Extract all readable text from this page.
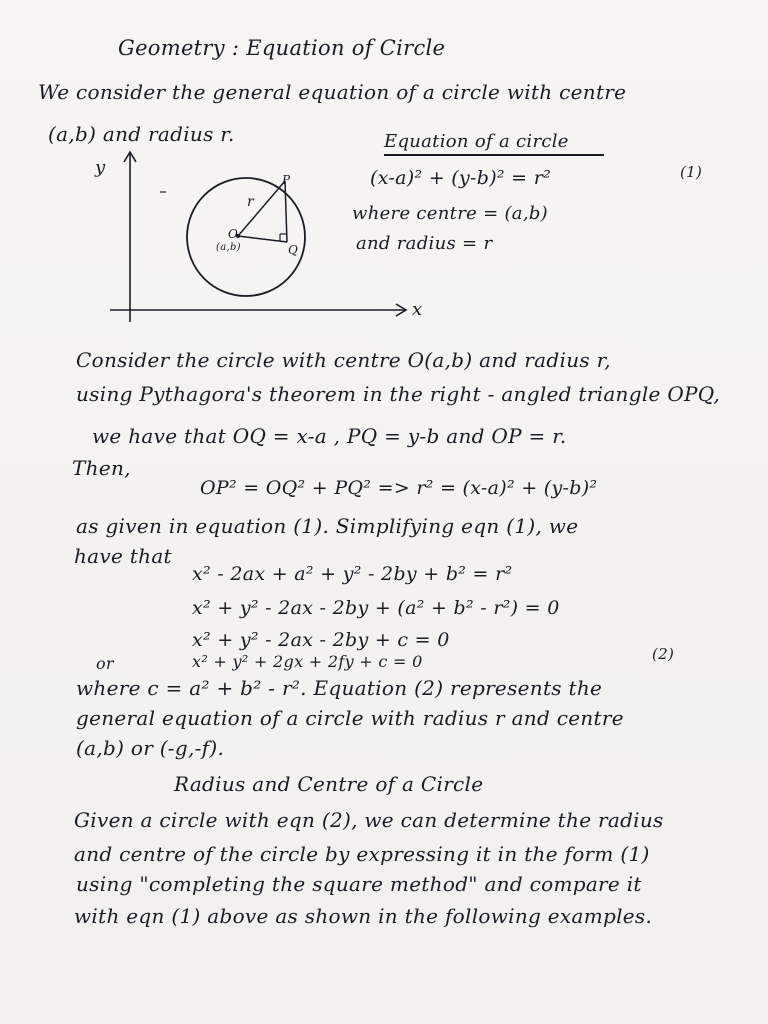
Geometry : Equation of Circle
We consider the general equation of a circle with centre
(a,b) and radius r.
y
x
P
r
O
(a,b)	Q
Equation of a circle
(x-a)² + (y-b)² = r²	(1)
where centre = (a,b)
and radius = r
Consider the circle with centre O(a,b) and radius r,
using Pythagora's theorem in the right - angled triangle OPQ,
we have that OQ = x-a , PQ = y-b and OP = r.
Then,
OP² = OQ² + PQ² => r² = (x-a)² + (y-b)²
as given in equation (1). Simplifying eqn (1), we
have that
x² - 2ax + a² + y² - 2by + b² = r²
x² + y² - 2ax - 2by + (a² + b² - r²) = 0
x² + y² - 2ax - 2by + c = 0
(2)
or	x² + y² + 2gx + 2fy + c = 0
where c = a² + b² - r². Equation (2) represents the
general equation of a circle with radius r and centre
(a,b) or (-g,-f).
Radius and Centre of a Circle
Given a circle with eqn (2), we can determine the radius
and centre of the circle by expressing it in the form (1)
using "completing the square method" and compare it
with eqn (1) above as shown in the following examples.
